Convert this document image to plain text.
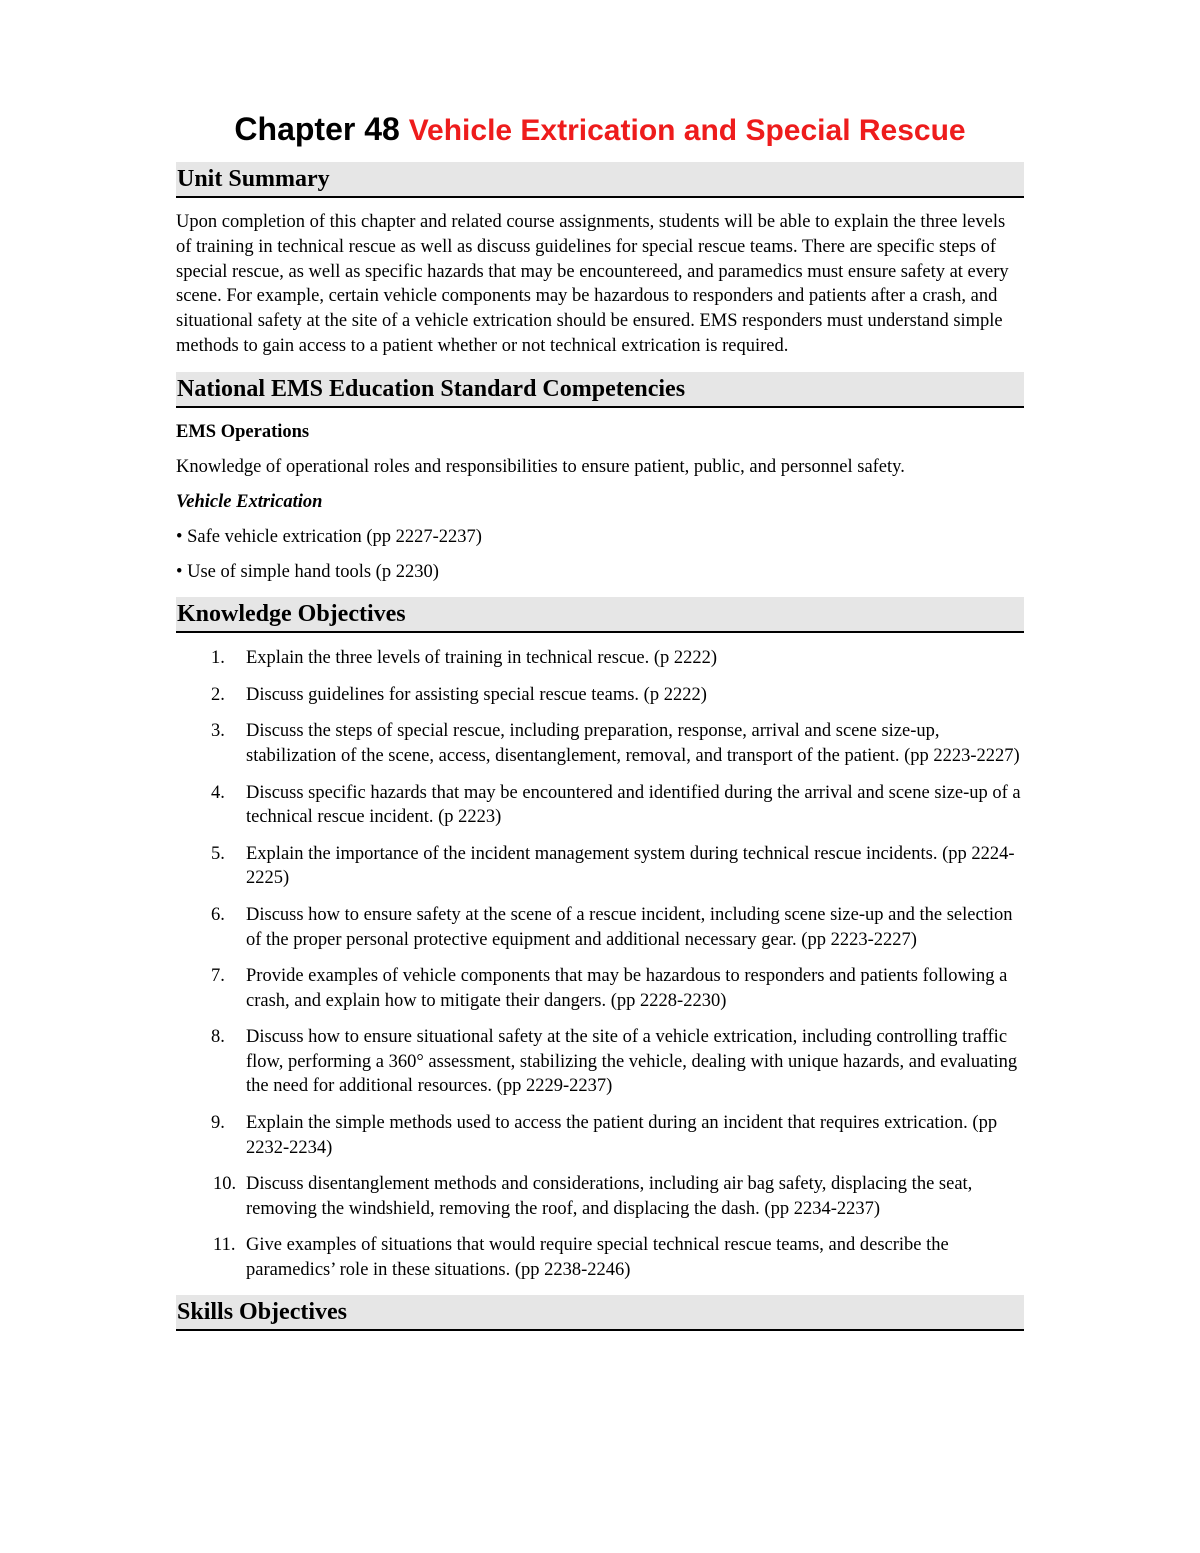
Chapter 48 Vehicle Extrication and Special Rescue
Unit Summary

Upon completion of this chapter and related course assignments, students will be able to explain the three levels of training in technical rescue as well as discuss guidelines for special rescue teams. There are specific steps of special rescue, as well as specific hazards that may be encountereed, and paramedics must ensure safety at every scene. For example, certain vehicle components may be hazardous to responders and patients after a crash, and situational safety at the site of a vehicle extrication should be ensured. EMS responders must understand simple methods to gain access to a patient whether or not technical extrication is required.

National EMS Education Standard Competencies

EMS Operations

Knowledge of operational roles and responsibilities to ensure patient, public, and personnel safety.

Vehicle Extrication

• Safe vehicle extrication (pp 2227-2237)

• Use of simple hand tools (p 2230)

Knowledge Objectives
1. Explain the three levels of training in technical rescue. (p 2222)
2. Discuss guidelines for assisting special rescue teams. (p 2222)
3. Discuss the steps of special rescue, including preparation, response, arrival and scene size-up, stabilization of the scene, access, disentanglement, removal, and transport of the patient. (pp 2223-2227)
4. Discuss specific hazards that may be encountered and identified during the arrival and scene size-up of a technical rescue incident. (p 2223)
5. Explain the importance of the incident management system during technical rescue incidents. (pp 2224-2225)
6. Discuss how to ensure safety at the scene of a rescue incident, including scene size-up and the selection of the proper personal protective equipment and additional necessary gear. (pp 2223-2227)
7. Provide examples of vehicle components that may be hazardous to responders and patients following a crash, and explain how to mitigate their dangers. (pp 2228-2230)
8. Discuss how to ensure situational safety at the site of a vehicle extrication, including controlling traffic flow, performing a 360° assessment, stabilizing the vehicle, dealing with unique hazards, and evaluating the need for additional resources. (pp 2229-2237)
9. Explain the simple methods used to access the patient during an incident that requires extrication. (pp 2232-2234)
10. Discuss disentanglement methods and considerations, including air bag safety, displacing the seat, removing the windshield, removing the roof, and displacing the dash. (pp 2234-2237)
11. Give examples of situations that would require special technical rescue teams, and describe the paramedics’ role in these situations. (pp 2238-2246)
Skills Objectives
